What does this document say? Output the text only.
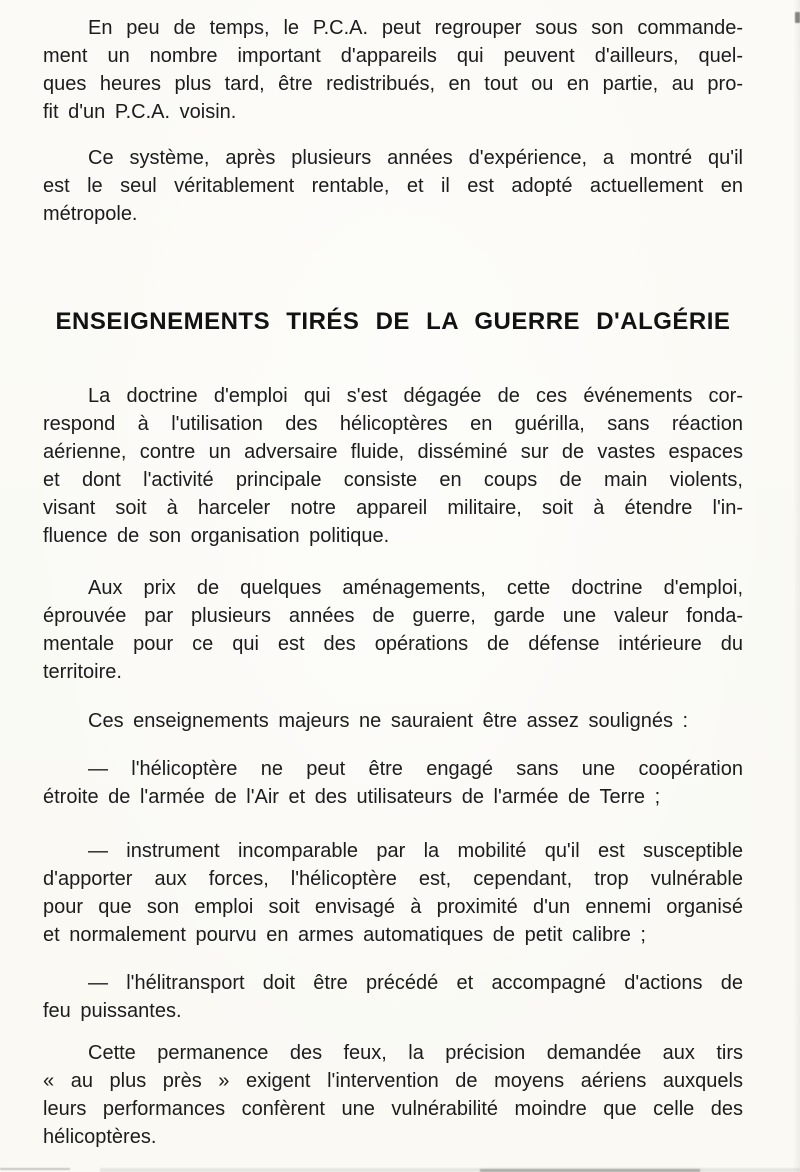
En peu de temps, le P.C.A. peut regrouper sous son commande-
ment un nombre important d'appareils qui peuvent d'ailleurs, quel-
ques heures plus tard, être redistribués, en tout ou en partie, au pro-
fit d'un P.C.A. voisin.
Ce système, après plusieurs années d'expérience, a montré qu'il
est le seul véritablement rentable, et il est adopté actuellement en
métropole.
ENSEIGNEMENTS TIRÉS DE LA GUERRE D'ALGÉRIE
La doctrine d'emploi qui s'est dégagée de ces événements cor-
respond à l'utilisation des hélicoptères en guérilla, sans réaction
aérienne, contre un adversaire fluide, disséminé sur de vastes espaces
et dont l'activité principale consiste en coups de main violents,
visant soit à harceler notre appareil militaire, soit à étendre l'in-
fluence de son organisation politique.
Aux prix de quelques aménagements, cette doctrine d'emploi,
éprouvée par plusieurs années de guerre, garde une valeur fonda-
mentale pour ce qui est des opérations de défense intérieure du
territoire.
Ces enseignements majeurs ne sauraient être assez soulignés :
— l'hélicoptère ne peut être engagé sans une coopération
étroite de l'armée de l'Air et des utilisateurs de l'armée de Terre ;
— instrument incomparable par la mobilité qu'il est susceptible
d'apporter aux forces, l'hélicoptère est, cependant, trop vulnérable
pour que son emploi soit envisagé à proximité d'un ennemi organisé
et normalement pourvu en armes automatiques de petit calibre ;
— l'hélitransport doit être précédé et accompagné d'actions de
feu puissantes.
Cette permanence des feux, la précision demandée aux tirs
« au plus près » exigent l'intervention de moyens aériens auxquels
leurs performances confèrent une vulnérabilité moindre que celle des
hélicoptères.
